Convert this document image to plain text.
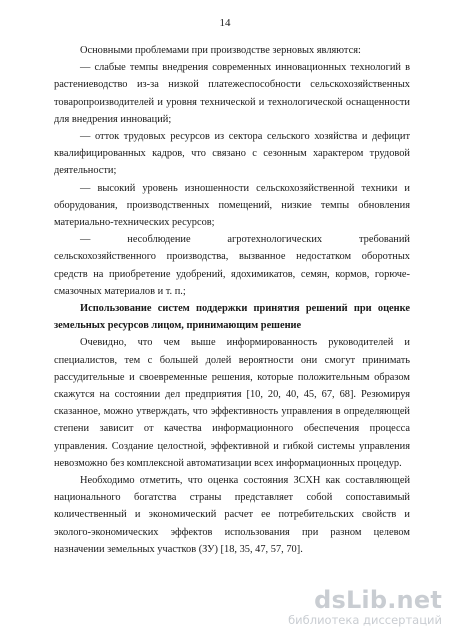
14

Основными проблемами при производстве зерновых являются:

— слабые темпы внедрения современных инновационных технологий в растениеводство из-за низкой платежеспособности сельскохозяйственных товаропроизводителей и уровня технической и технологической оснащенности для внедрения инноваций;

— отток трудовых ресурсов из сектора сельского хозяйства и дефицит квалифицированных кадров, что связано с сезонным характером трудовой деятельности;

— высокий уровень изношенности сельскохозяйственной техники и оборудования, производственных помещений, низкие темпы обновления материально-технических ресурсов;

— несоблюдение агротехнологических требований сельскохозяйственного производства, вызванное недостатком оборотных средств на приобретение удобрений, ядохимикатов, семян, кормов, горюче-смазочных материалов и т. п.;

Использование систем поддержки принятия решений при оценке земельных ресурсов лицом, принимающим решение

Очевидно, что чем выше информированность руководителей и специалистов, тем с большей долей вероятности они смогут принимать рассудительные и своевременные решения, которые положительным образом скажутся на состоянии дел предприятия [10, 20, 40, 45, 67, 68]. Резюмируя сказанное, можно утверждать, что эффективность управления в определяющей степени зависит от качества информационного обеспечения процесса управления. Создание целостной, эффективной и гибкой системы управления невозможно без комплексной автоматизации всех информационных процедур.

Необходимо отметить, что оценка состояния ЗСХН как составляющей национального богатства страны представляет собой сопоставимый количественный и экономический расчет ее потребительских свойств и эколого-экономических эффектов использования при разном целевом назначении земельных участков (ЗУ) [18, 35, 47, 57, 70].

dsLib.net
библиотека диссертаций
